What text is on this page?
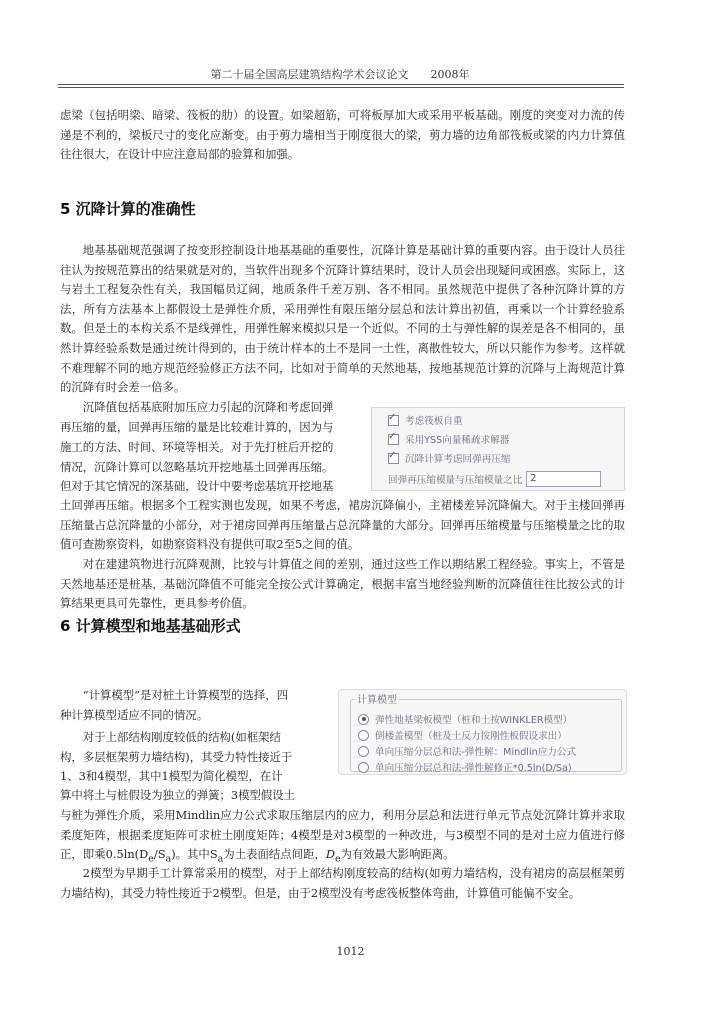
第二十届全国高层建筑结构学术会议论文　　2008年

虑梁（包括明梁、暗梁、筏板的肋）的设置。如梁超筋，可将板厚加大或采用平板基础。刚度的突变对力流的传递是不利的，梁板尺寸的变化应渐变。由于剪力墙相当于刚度很大的梁，剪力墙的边角部筏板或梁的内力计算值往往很大，在设计中应注意局部的验算和加强。

5 沉降计算的准确性

地基基础规范强调了按变形控制设计地基基础的重要性，沉降计算是基础计算的重要内容。由于设计人员往往认为按规范算出的结果就是对的，当软件出现多个沉降计算结果时，设计人员会出现疑问或困惑。实际上，这与岩土工程复杂性有关，我国幅员辽阔，地质条件千差万别、各不相同。虽然规范中提供了各种沉降计算的方法，所有方法基本上都假设土是弹性介质，采用弹性有限压缩分层总和法计算出初值，再乘以一个计算经验系数。但是土的本构关系不是线弹性，用弹性解来模拟只是一个近似。不同的土与弹性解的误差是各不相同的，虽然计算经验系数是通过统计得到的，由于统计样本的土不是同一土性，离散性较大，所以只能作为参考。这样就不难理解不同的地方规范经验修正方法不同，比如对于简单的天然地基，按地基规范计算的沉降与上海规范计算的沉降有时会差一倍多。

沉降值包括基底附加压应力引起的沉降和考虑回弹
再压缩的量，回弹再压缩的量是比较难计算的，因为与
施工的方法、时间、环境等相关。对于先打桩后开挖的
情况，沉降计算可以忽略基坑开挖地基土回弹再压缩。
但对于其它情况的深基础，设计中要考虑基坑开挖地基

土回弹再压缩。根据多个工程实测也发现，如果不考虑，裙房沉降偏小，主裙楼差异沉降偏大。对于主楼回弹再压缩量占总沉降量的小部分，对于裙房回弹再压缩量占总沉降量的大部分。回弹再压缩模量与压缩模量之比的取值可查勘察资料，如勘察资料没有提供可取2至5之间的值。

对在建建筑物进行沉降观测，比较与计算值之间的差别，通过这些工作以期结累工程经验。事实上，不管是天然地基还是桩基，基础沉降值不可能完全按公式计算确定，根据丰富当地经验判断的沉降值往往比按公式的计算结果更具可先靠性，更具参考价值。

✓ 考虑筏板自重
✓ 采用YSS向量稀疏求解器
✓ 沉降计算考虑回弹再压缩
回弹再压缩模量与压缩模量之比 2
6 计算模型和地基基础形式
“计算模型”是对桩土计算模型的选择，四
种计算模型适应不同的情况。
对于上部结构刚度较低的结构(如框架结
构，多层框架剪力墙结构)，其受力特性接近于
1、3和4模型，其中1模型为简化模型，在计
算中将土与桩假设为独立的弹簧；3模型假设土

与桩为弹性介质，采用Mindlin应力公式求取压缩层内的应力，利用分层总和法进行单元节点处沉降计算并求取柔度矩阵，根据柔度矩阵可求桩土刚度矩阵；4模型是对3模型的一种改进，与3模型不同的是对土应力值进行修正，即乘$0.5\ln(D_e/S_a)$。其中$S_a$为土表面结点间距，$D_e$为有效最大影响距离。

2模型为早期手工计算常采用的模型，对于上部结构刚度较高的结构(如剪力墙结构，没有裙房的高层框架剪力墙结构)，其受力特性接近于2模型。但是，由于2模型没有考虑筏板整体弯曲，计算值可能偏不安全。

计算模型
弹性地基梁板模型（桩和土按WINKLER模型）
倒楼盖模型（桩及土反力按刚性板假设求出）
单向压缩分层总和法-弹性解：Mindlin应力公式
单向压缩分层总和法-弹性解修正*0.5ln(D/Sa)
1012
